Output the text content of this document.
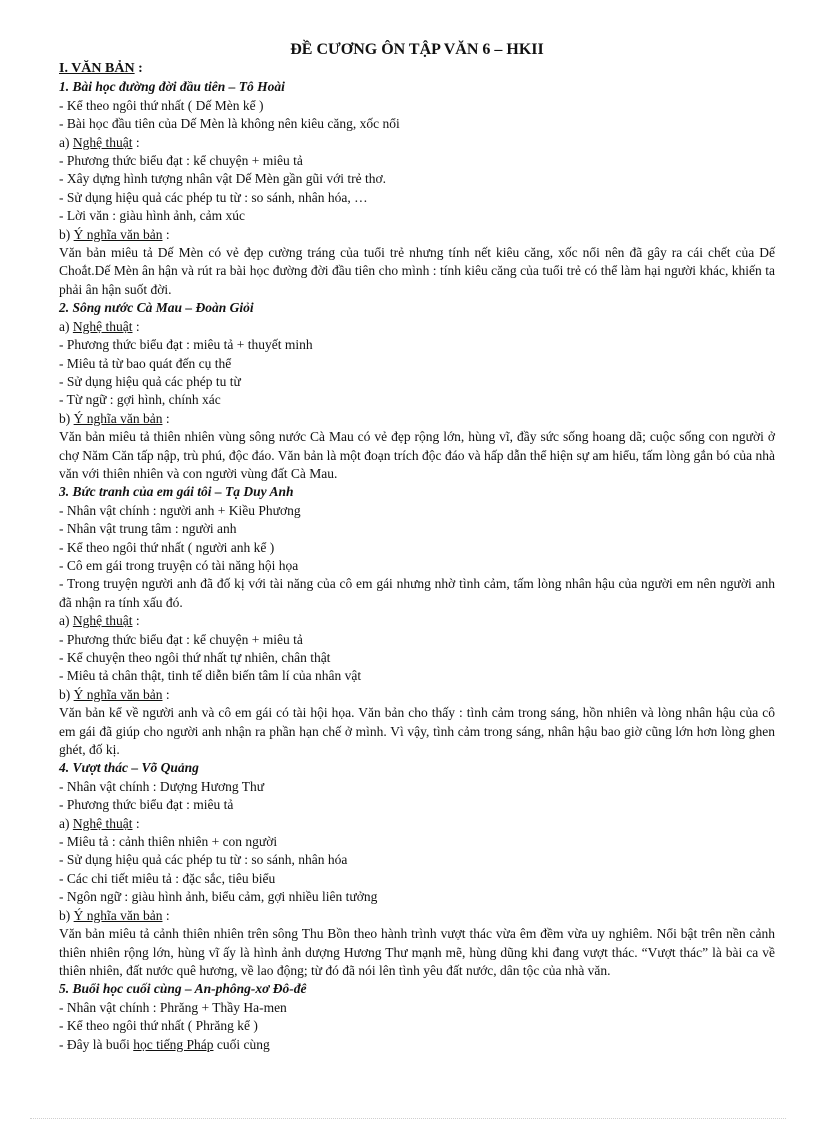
ĐỀ CƯƠNG ÔN TẬP VĂN 6 – HKII
I. VĂN BẢN :
1. Bài học đường đời đầu tiên – Tô Hoài
- Kể theo ngôi thứ nhất ( Dế Mèn kể )
- Bài học đầu tiên của Dế Mèn là không nên kiêu căng, xốc nổi
a) Nghệ thuật :
- Phương thức biểu đạt : kể chuyện + miêu tả
- Xây dựng hình tượng nhân vật Dế Mèn gần gũi với trẻ thơ.
- Sử dụng hiệu quả các phép tu từ : so sánh, nhân hóa, …
- Lời văn : giàu hình ảnh, cảm xúc
b) Ý nghĩa văn bản :
Văn bản miêu tả Dế Mèn có vẻ đẹp cường tráng của tuổi trẻ nhưng tính nết kiêu căng, xốc nổi nên đã gây ra cái chết của Dế Choắt.Dế Mèn ân hận và rút ra bài học đường đời đầu tiên cho mình : tính kiêu căng của tuổi trẻ có thể làm hại người khác, khiến ta phải ân hận suốt đời.
2. Sông nước Cà Mau – Đoàn Giỏi
a) Nghệ thuật :
- Phương thức biểu đạt : miêu tả + thuyết minh
- Miêu tả từ bao quát đến cụ thể
- Sử dụng hiệu quả các phép tu từ
- Từ ngữ : gợi hình, chính xác
b) Ý nghĩa văn bản :
Văn bản miêu tả thiên nhiên vùng sông nước Cà Mau có vẻ đẹp rộng lớn, hùng vĩ, đầy sức sống hoang dã; cuộc sống con người ở chợ Năm Căn tấp nập, trù phú, độc đáo. Văn bản là một đoạn trích độc đáo và hấp dẫn thể hiện sự am hiểu, tấm lòng gắn bó của nhà văn với thiên nhiên và con người vùng đất Cà Mau.
3. Bức tranh của em gái tôi – Tạ Duy Anh
- Nhân vật chính : người anh + Kiều Phương
- Nhân vật trung tâm : người anh
- Kể theo ngôi thứ nhất ( người anh kể )
- Cô em gái trong truyện có tài năng hội họa
- Trong truyện người anh đã đố kị với tài năng của cô em gái nhưng nhờ tình cảm, tấm lòng nhân hậu của người em nên người anh đã nhận ra tính xấu đó.
a) Nghệ thuật :
- Phương thức biểu đạt : kể chuyện + miêu tả
- Kể chuyện theo ngôi thứ nhất tự nhiên, chân thật
- Miêu tả chân thật, tinh tế diễn biến tâm lí của nhân vật
b) Ý nghĩa văn bản :
Văn bản kể về người anh và cô em gái có tài hội họa. Văn bản cho thấy : tình cảm trong sáng, hồn nhiên và lòng nhân hậu của cô em gái đã giúp cho người anh nhận ra phần hạn chế ở mình. Vì vậy, tình cảm trong sáng, nhân hậu bao giờ cũng lớn hơn lòng ghen ghét, đố kị.
4. Vượt thác – Võ Quảng
- Nhân vật chính : Dượng Hương Thư
- Phương thức biểu đạt : miêu tả
a) Nghệ thuật :
- Miêu tả : cảnh thiên nhiên + con người
- Sử dụng hiệu quả các phép tu từ : so sánh, nhân hóa
- Các chi tiết miêu tả : đặc sắc, tiêu biểu
- Ngôn ngữ : giàu hình ảnh, biểu cảm, gợi nhiều liên tưởng
b) Ý nghĩa văn bản :
Văn bản miêu tả cảnh thiên nhiên trên sông Thu Bồn theo hành trình vượt thác vừa êm đềm vừa uy nghiêm. Nổi bật trên nền cảnh thiên nhiên rộng lớn, hùng vĩ ấy là hình ảnh dượng Hương Thư mạnh mẽ, hùng dũng khi đang vượt thác. “Vượt thác” là bài ca về thiên nhiên, đất nước quê hương, về lao động; từ đó đã nói lên tình yêu đất nước, dân tộc của nhà văn.
5. Buổi học cuối cùng – An-phông-xơ Đô-đê
- Nhân vật chính : Phrăng + Thầy Ha-men
- Kể theo ngôi thứ nhất ( Phrăng kể )
- Đây là buổi học tiếng Pháp cuối cùng
